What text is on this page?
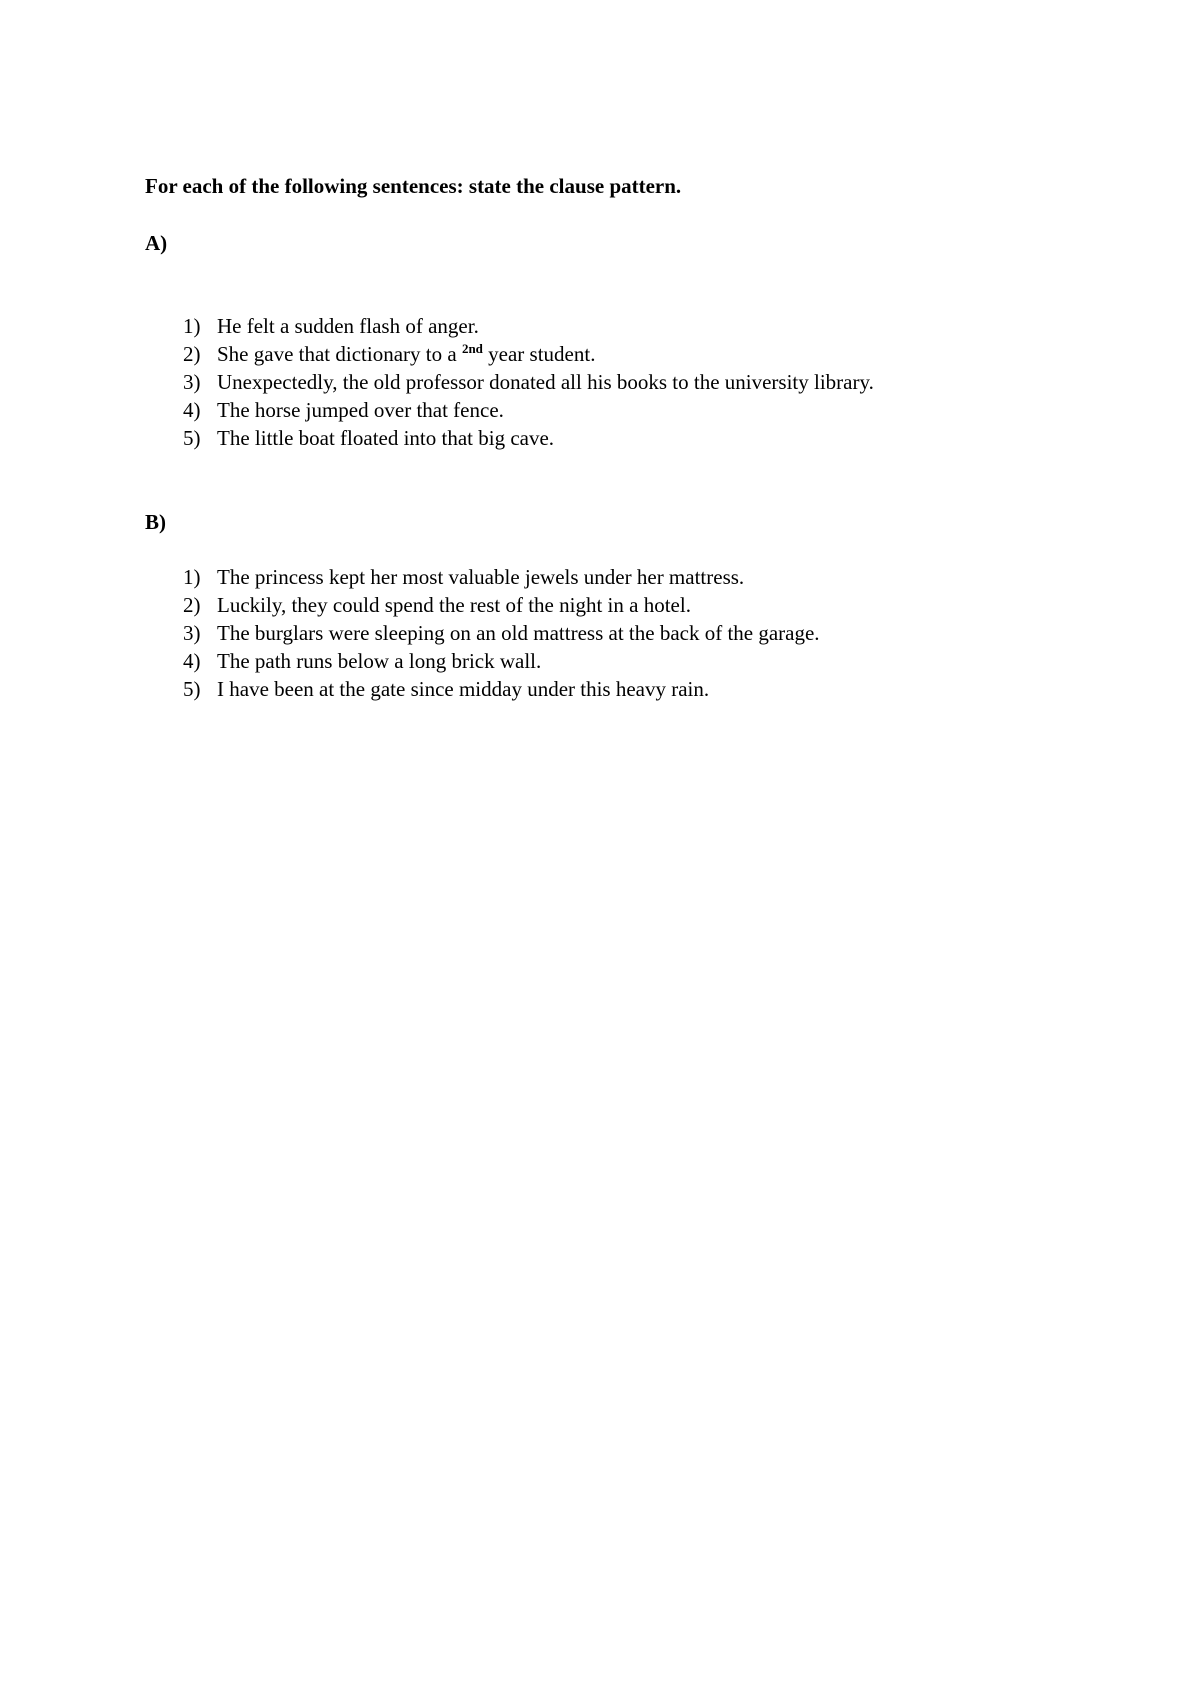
For each of the following sentences: state the clause pattern.

A)

1) He felt a sudden flash of anger.
2) She gave that dictionary to a $^{2nd}$ year student.
3) Unexpectedly, the old professor donated all his books to the university library.
4) The horse jumped over that fence.
5) The little boat floated into that big cave.

B)

1) The princess kept her most valuable jewels under her mattress.
2) Luckily, they could spend the rest of the night in a hotel.
3) The burglars were sleeping on an old mattress at the back of the garage.
4) The path runs below a long brick wall.
5) I have been at the gate since midday under this heavy rain.
